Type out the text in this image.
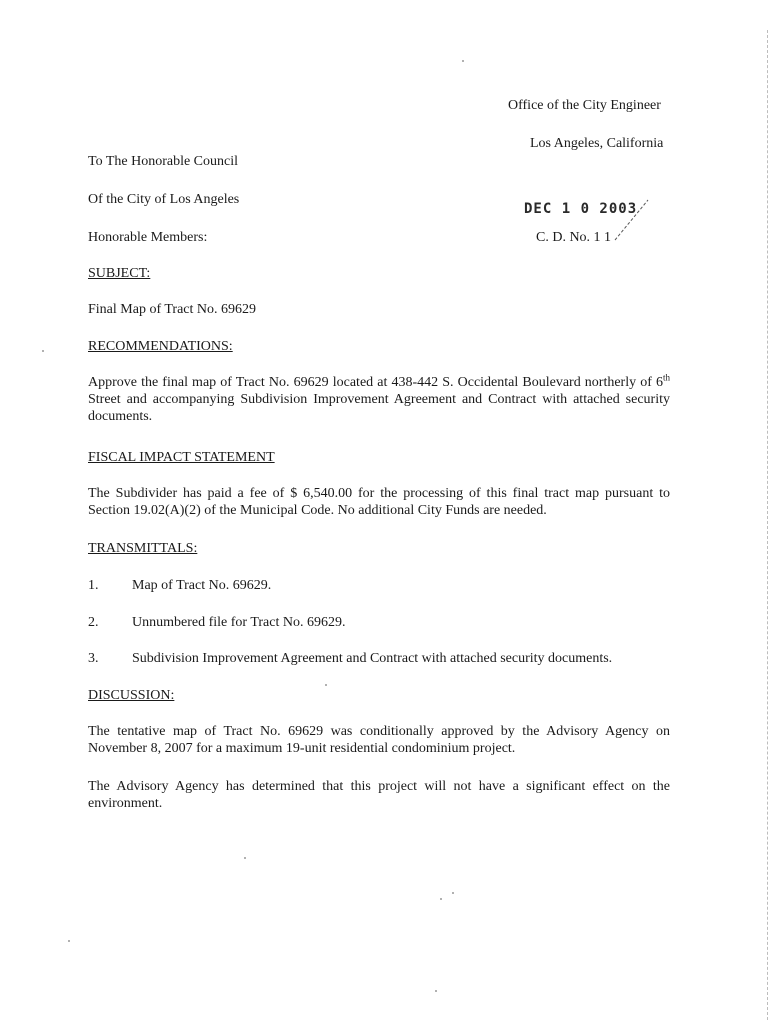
Office of the City Engineer
Los Angeles, California
To The Honorable Council
Of the City of Los Angeles
DEC 1 0 2003
Honorable Members:	C. D. No. 1 1
SUBJECT:
Final Map of Tract No. 69629
RECOMMENDATIONS:
Approve the final map of Tract No. 69629 located at 438-442 S. Occidental Boulevard northerly of 6th Street and accompanying Subdivision Improvement Agreement and Contract with attached security documents.
FISCAL IMPACT STATEMENT
The Subdivider has paid a fee of $ 6,540.00 for the processing of this final tract map pursuant to Section 19.02(A)(2) of the Municipal Code. No additional City Funds are needed.
TRANSMITTALS:
1. Map of Tract No. 69629.
2. Unnumbered file for Tract No. 69629.
3. Subdivision Improvement Agreement and Contract with attached security documents.
DISCUSSION:
The tentative map of Tract No. 69629 was conditionally approved by the Advisory Agency on November 8, 2007 for a maximum 19-unit residential condominium project.
The Advisory Agency has determined that this project will not have a significant effect on the environment.
